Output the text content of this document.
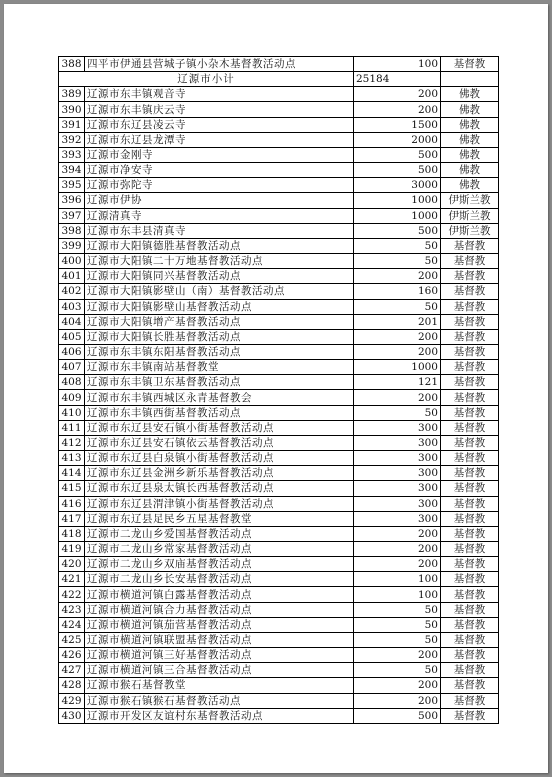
388	四平市伊通县营城子镇小杂木基督教活动点	100	基督教
辽源市小计		25184	
389	辽源市东丰镇观音寺	200	佛教
390	辽源市东丰镇庆云寺	200	佛教
391	辽源市东辽县凌云寺	1500	佛教
392	辽源市东辽县龙潭寺	2000	佛教
393	辽源市金刚寺	500	佛教
394	辽源市净安寺	500	佛教
395	辽源市弥陀寺	3000	佛教
396	辽源市伊协	1000	伊斯兰教
397	辽源清真寺	1000	伊斯兰教
398	辽源市东丰县清真寺	500	伊斯兰教
399	辽源市大阳镇德胜基督教活动点	50	基督教
400	辽源市大阳镇二十万地基督教活动点	50	基督教
401	辽源市大阳镇同兴基督教活动点	200	基督教
402	辽源市大阳镇影壁山（南）基督教活动点	160	基督教
403	辽源市大阳镇影壁山基督教活动点	50	基督教
404	辽源市大阳镇增产基督教活动点	201	基督教
405	辽源市大阳镇长胜基督教活动点	200	基督教
406	辽源市东丰镇东阳基督教活动点	200	基督教
407	辽源市东丰镇南站基督教堂	1000	基督教
408	辽源市东丰镇卫东基督教活动点	121	基督教
409	辽源市东丰镇西城区永青基督教会	200	基督教
410	辽源市东丰镇西街基督教活动点	50	基督教
411	辽源市东辽县安石镇小街基督教活动点	300	基督教
412	辽源市东辽县安石镇依云基督教活动点	300	基督教
413	辽源市东辽县白泉镇小街基督教活动点	300	基督教
414	辽源市东辽县金洲乡新乐基督教活动点	300	基督教
415	辽源市东辽县泉太镇长西基督教活动点	300	基督教
416	辽源市东辽县渭津镇小街基督教活动点	300	基督教
417	辽源市东辽县足民乡五星基督教堂	300	基督教
418	辽源市二龙山乡爱国基督教活动点	200	基督教
419	辽源市二龙山乡常家基督教活动点	200	基督教
420	辽源市二龙山乡双庙基督教活动点	200	基督教
421	辽源市二龙山乡长安基督教活动点	100	基督教
422	辽源市横道河镇白露基督教活动点	100	基督教
423	辽源市横道河镇合力基督教活动点	50	基督教
424	辽源市横道河镇茄营基督教活动点	50	基督教
425	辽源市横道河镇联盟基督教活动点	50	基督教
426	辽源市横道河镇三好基督教活动点	200	基督教
427	辽源市横道河镇三合基督教活动点	50	基督教
428	辽源市猴石基督教堂	200	基督教
429	辽源市猴石镇猴石基督教活动点	200	基督教
430	辽源市开发区友谊村东基督教活动点	500	基督教
